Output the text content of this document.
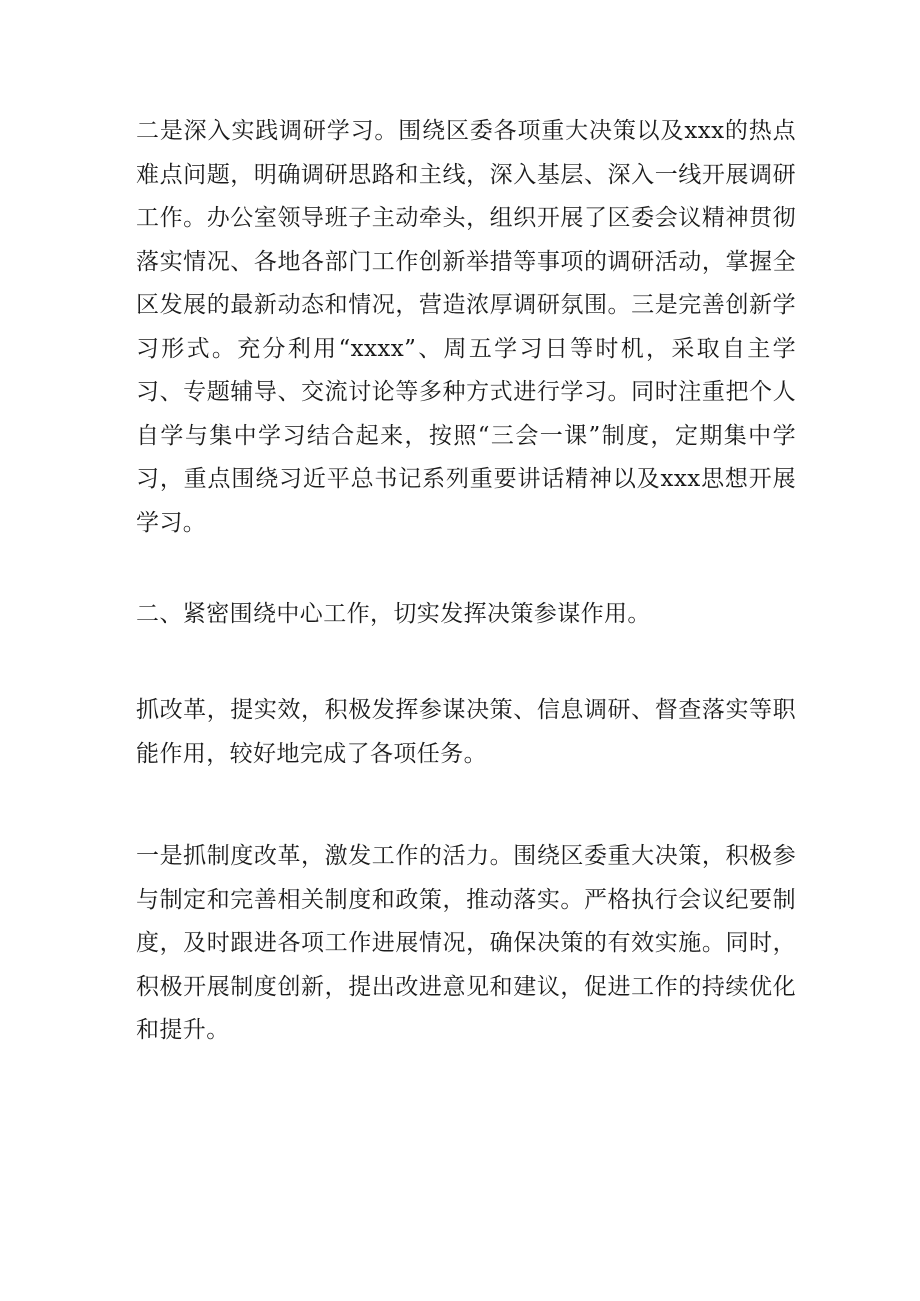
二是深入实践调研学习。围绕区委各项重大决策以及xxx的热点难点问题，明确调研思路和主线，深入基层、深入一线开展调研工作。办公室领导班子主动牵头，组织开展了区委会议精神贯彻落实情况、各地各部门工作创新举措等事项的调研活动，掌握全区发展的最新动态和情况，营造浓厚调研氛围。三是完善创新学习形式。充分利用“xxxx”、周五学习日等时机，采取自主学习、专题辅导、交流讨论等多种方式进行学习。同时注重把个人自学与集中学习结合起来，按照“三会一课”制度，定期集中学习，重点围绕习近平总书记系列重要讲话精神以及xxx思想开展学习。

二、紧密围绕中心工作，切实发挥决策参谋作用。

抓改革，提实效，积极发挥参谋决策、信息调研、督查落实等职能作用，较好地完成了各项任务。

一是抓制度改革，激发工作的活力。围绕区委重大决策，积极参与制定和完善相关制度和政策，推动落实。严格执行会议纪要制度，及时跟进各项工作进展情况，确保决策的有效实施。同时，积极开展制度创新，提出改进意见和建议，促进工作的持续优化和提升。
